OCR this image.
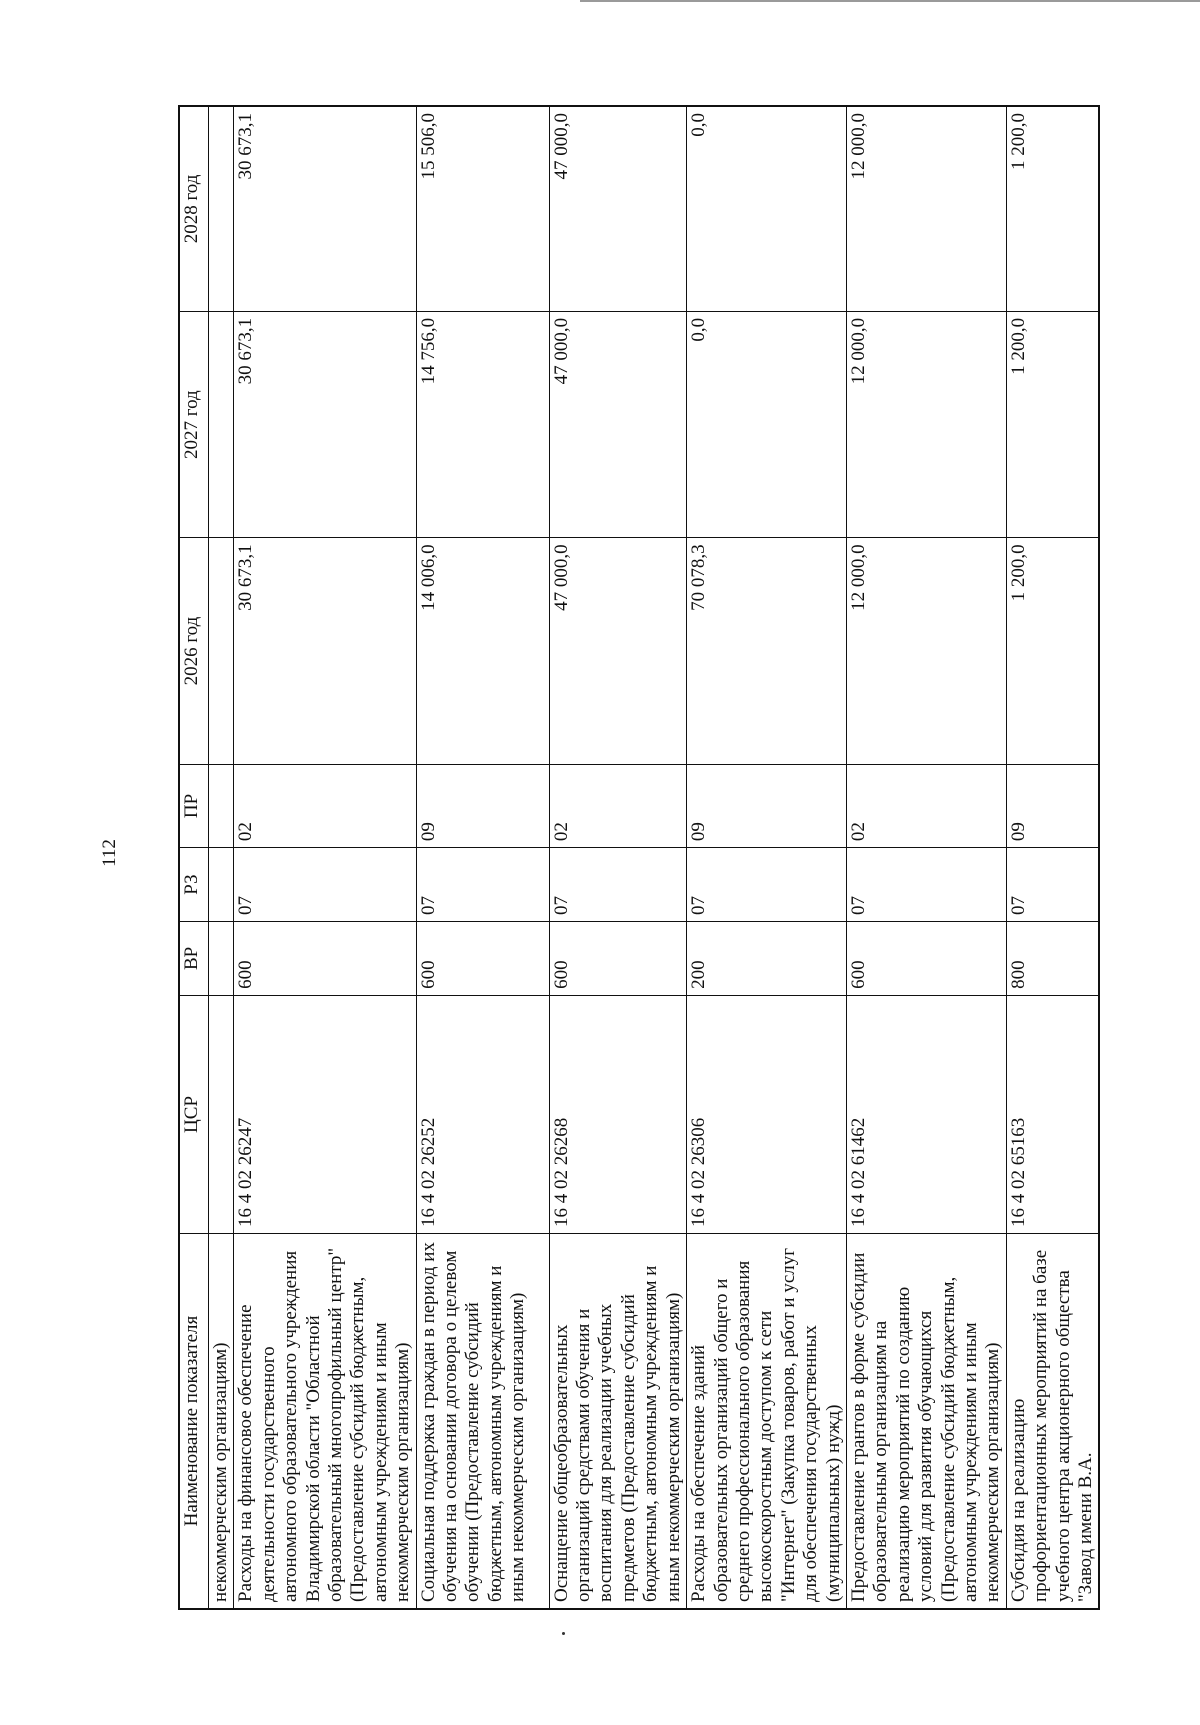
112
Наименование показателя	ЦСР	ВР	РЗ	ПР	2026 год	2027 год	2028 год
некоммерческим организациям)							
Расходы на финансовое обеспечение деятельности государственного автономного образовательного учреждения Владимирской области "Областной образовательный многопрофильный центр" (Предоставление субсидий бюджетным, автономным учреждениям и иным некоммерческим организациям)	16 4 02 26247	600	07	02	30 673,1	30 673,1	30 673,1
Социальная поддержка граждан в период их обучения на основании договора о целевом обучении (Предоставление субсидий бюджетным, автономным учреждениям и иным некоммерческим организациям)	16 4 02 26252	600	07	09	14 006,0	14 756,0	15 506,0
Оснащение общеобразовательных организаций средствами обучения и воспитания для реализации учебных предметов (Предоставление субсидий бюджетным, автономным учреждениям и иным некоммерческим организациям)	16 4 02 26268	600	07	02	47 000,0	47 000,0	47 000,0
Расходы на обеспечение зданий образовательных организаций общего и среднего профессионального образования высокоскоростным доступом к сети "Интернет" (Закупка товаров, работ и услуг для обеспечения государственных (муниципальных) нужд)	16 4 02 26306	200	07	09	70 078,3	0,0	0,0
Предоставление грантов в форме субсидии образовательным организациям на реализацию мероприятий по созданию условий для развития обучающихся (Предоставление субсидий бюджетным, автономным учреждениям и иным некоммерческим организациям)	16 4 02 61462	600	07	02	12 000,0	12 000,0	12 000,0
Субсидия на реализацию профориентационных мероприятий на базе учебного центра акционерного общества "Завод имени В.А.	16 4 02 65163	800	07	09	1 200,0	1 200,0	1 200,0
